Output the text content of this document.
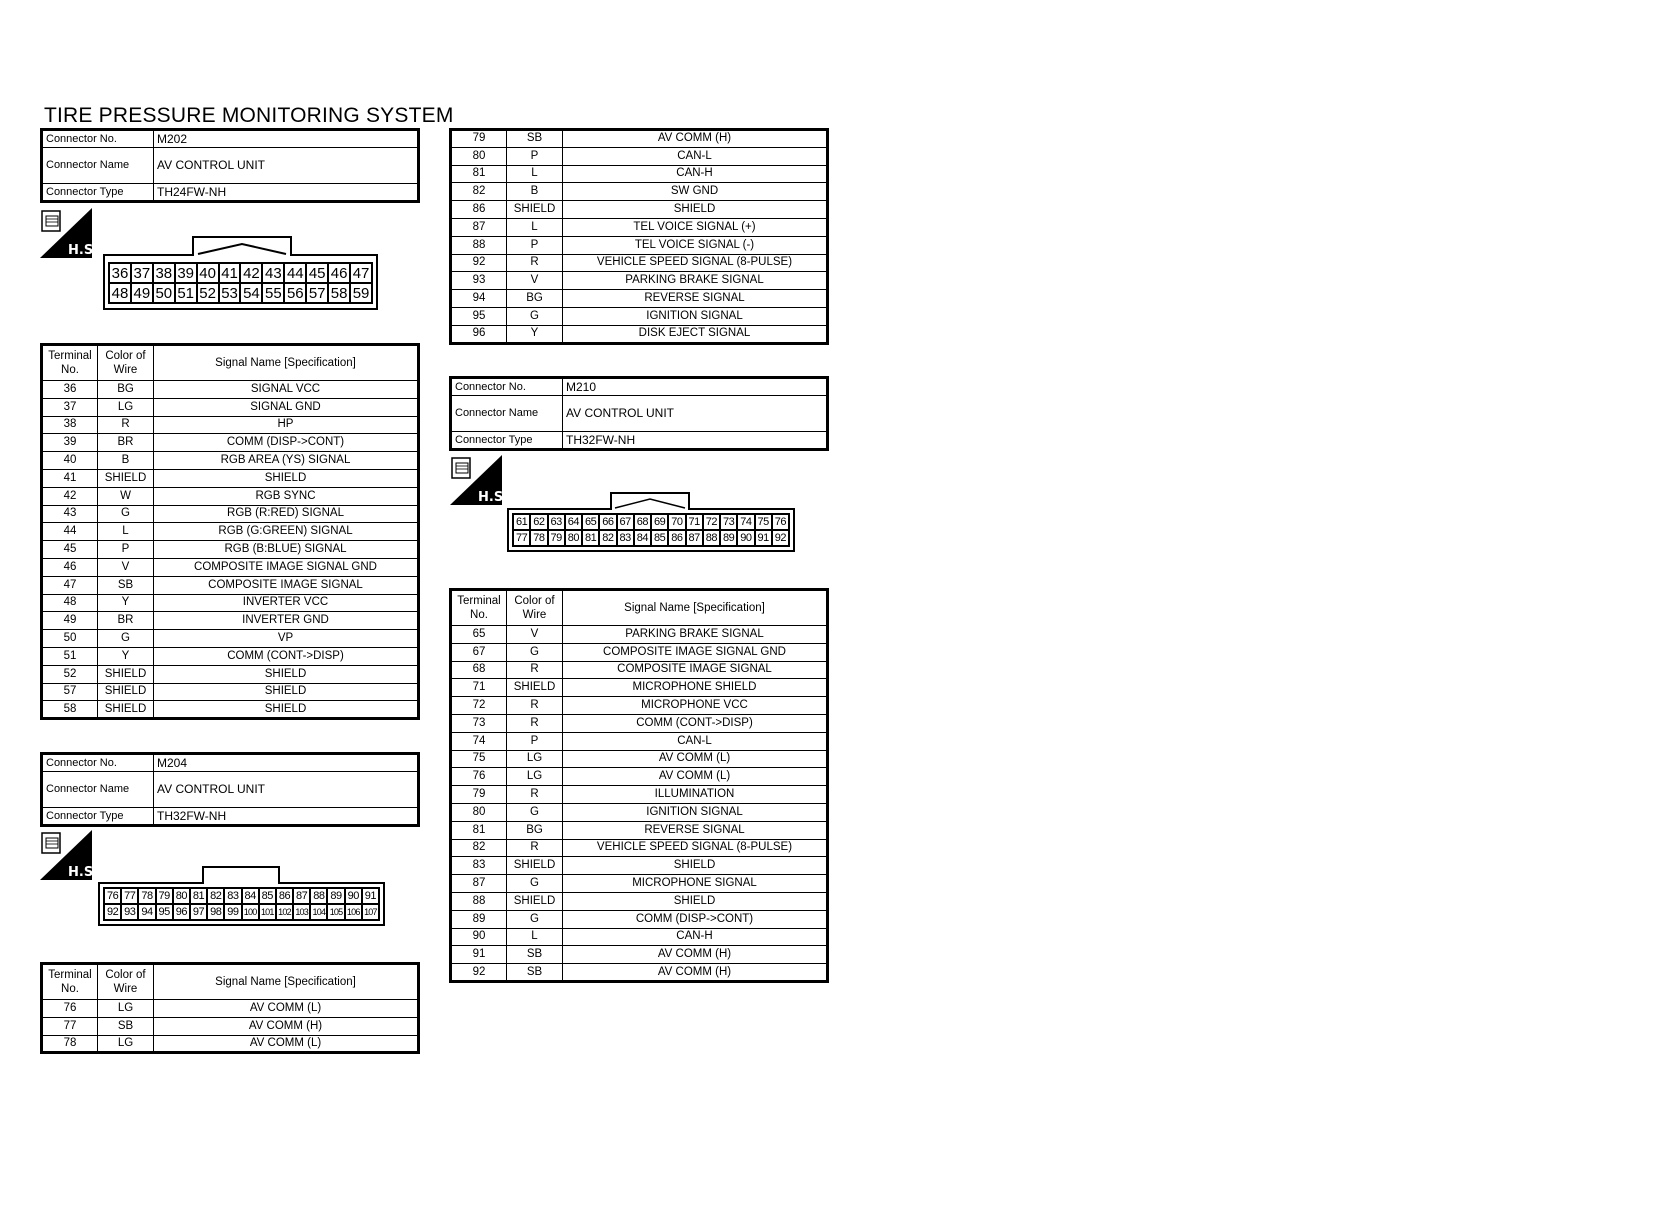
TIRE PRESSURE MONITORING SYSTEM
Connector No.	M202
Connector Name	AV CONTROL UNIT
Connector Type	TH24FW-NH
H.S.
36 37 38 39 40 41 42 43 44 45 46 47
48 49 50 51 52 53 54 55 56 57 58 59
Terminal No.	Color of Wire	Signal Name [Specification]
36	BG	SIGNAL VCC
37	LG	SIGNAL GND
38	R	HP
39	BR	COMM (DISP->CONT)
40	B	RGB AREA (YS) SIGNAL
41	SHIELD	SHIELD
42	W	RGB SYNC
43	G	RGB (R:RED) SIGNAL
44	L	RGB (G:GREEN) SIGNAL
45	P	RGB (B:BLUE) SIGNAL
46	V	COMPOSITE IMAGE SIGNAL GND
47	SB	COMPOSITE IMAGE SIGNAL
48	Y	INVERTER VCC
49	BR	INVERTER GND
50	G	VP
51	Y	COMM (CONT->DISP)
52	SHIELD	SHIELD
57	SHIELD	SHIELD
58	SHIELD	SHIELD
Connector No.	M204
Connector Name	AV CONTROL UNIT
Connector Type	TH32FW-NH
H.S.
76 77 78 79 80 81 82 83 84 85 86 87 88 89 90 91
92 93 94 95 96 97 98 99 100 101 102 103 104 105 106 107
Terminal No.	Color of Wire	Signal Name [Specification]
76	LG	AV COMM (L)
77	SB	AV COMM (H)
78	LG	AV COMM (L)
79	SB	AV COMM (H)
80	P	CAN-L
81	L	CAN-H
82	B	SW GND
86	SHIELD	SHIELD
87	L	TEL VOICE SIGNAL (+)
88	P	TEL VOICE SIGNAL (-)
92	R	VEHICLE SPEED SIGNAL (8-PULSE)
93	V	PARKING BRAKE SIGNAL
94	BG	REVERSE SIGNAL
95	G	IGNITION SIGNAL
96	Y	DISK EJECT SIGNAL
Connector No.	M210
Connector Name	AV CONTROL UNIT
Connector Type	TH32FW-NH
H.S.
61 62 63 64 65 66 67 68 69 70 71 72 73 74 75 76
77 78 79 80 81 82 83 84 85 86 87 88 89 90 91 92
Terminal No.	Color of Wire	Signal Name [Specification]
65	V	PARKING BRAKE SIGNAL
67	G	COMPOSITE IMAGE SIGNAL GND
68	R	COMPOSITE IMAGE SIGNAL
71	SHIELD	MICROPHONE SHIELD
72	R	MICROPHONE VCC
73	R	COMM (CONT->DISP)
74	P	CAN-L
75	LG	AV COMM (L)
76	LG	AV COMM (L)
79	R	ILLUMINATION
80	G	IGNITION SIGNAL
81	BG	REVERSE SIGNAL
82	R	VEHICLE SPEED SIGNAL (8-PULSE)
83	SHIELD	SHIELD
87	G	MICROPHONE SIGNAL
88	SHIELD	SHIELD
89	G	COMM (DISP->CONT)
90	L	CAN-H
91	SB	AV COMM (H)
92	SB	AV COMM (H)
